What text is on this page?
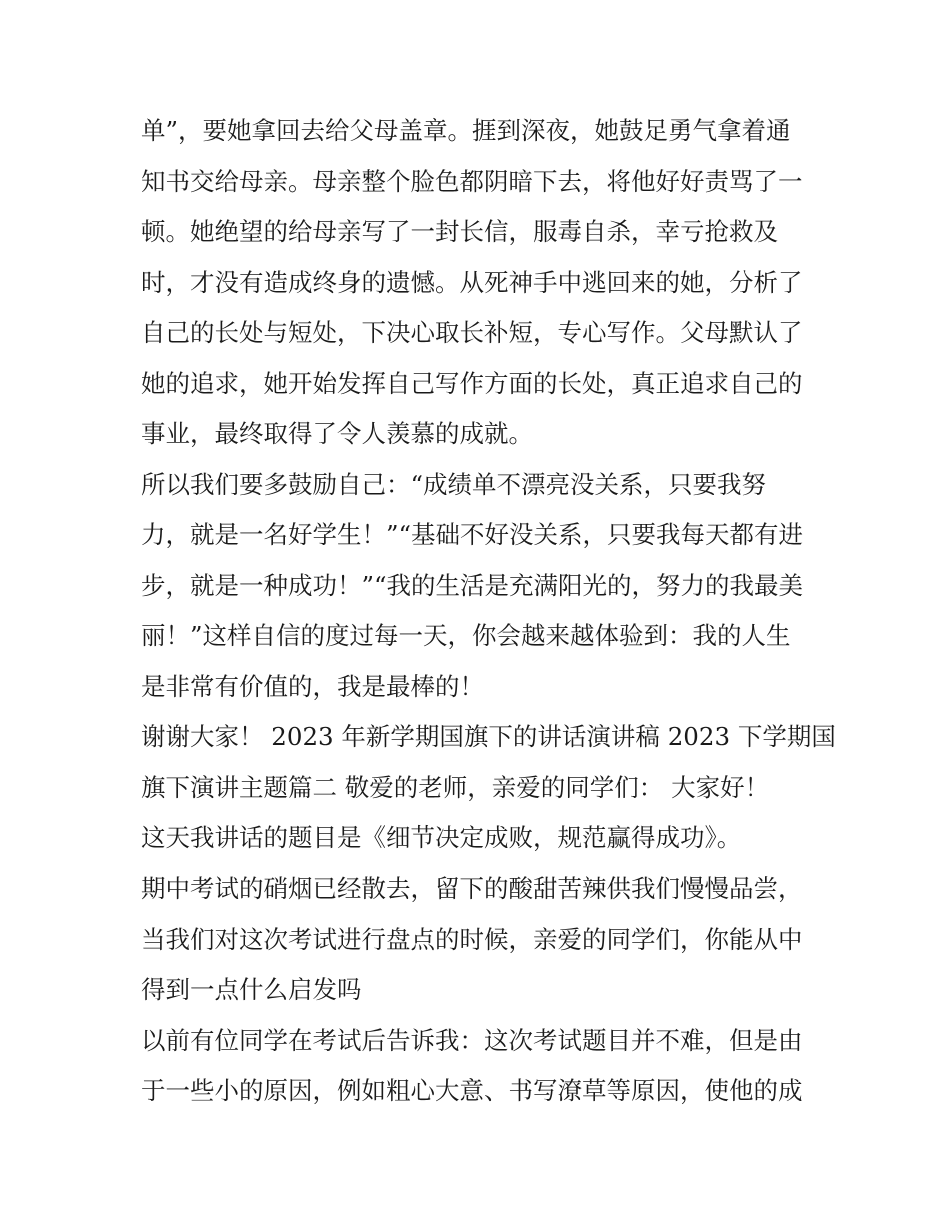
单”，要她拿回去给父母盖章。捱到深夜，她鼓足勇气拿着通
知书交给母亲。母亲整个脸色都阴暗下去，将他好好责骂了一
顿。她绝望的给母亲写了一封长信，服毒自杀，幸亏抢救及
时，才没有造成终身的遗憾。从死神手中逃回来的她，分析了
自己的长处与短处，下决心取长补短，专心写作。父母默认了
她的追求，她开始发挥自己写作方面的长处，真正追求自己的
事业，最终取得了令人羡慕的成就。
所以我们要多鼓励自己：“成绩单不漂亮没关系，只要我努
力，就是一名好学生！”“基础不好没关系，只要我每天都有进
步，就是一种成功！”“我的生活是充满阳光的，努力的我最美
丽！”这样自信的度过每一天，你会越来越体验到：我的人生
是非常有价值的，我是最棒的！
谢谢大家！ 2023 年新学期国旗下的讲话演讲稿 2023 下学期国
旗下演讲主题篇二 敬爱的老师，亲爱的同学们： 大家好！
这天我讲话的题目是《细节决定成败，规范赢得成功》。
期中考试的硝烟已经散去，留下的酸甜苦辣供我们慢慢品尝，
当我们对这次考试进行盘点的时候，亲爱的同学们，你能从中
得到一点什么启发吗
以前有位同学在考试后告诉我：这次考试题目并不难，但是由
于一些小的原因，例如粗心大意、书写潦草等原因，使他的成
